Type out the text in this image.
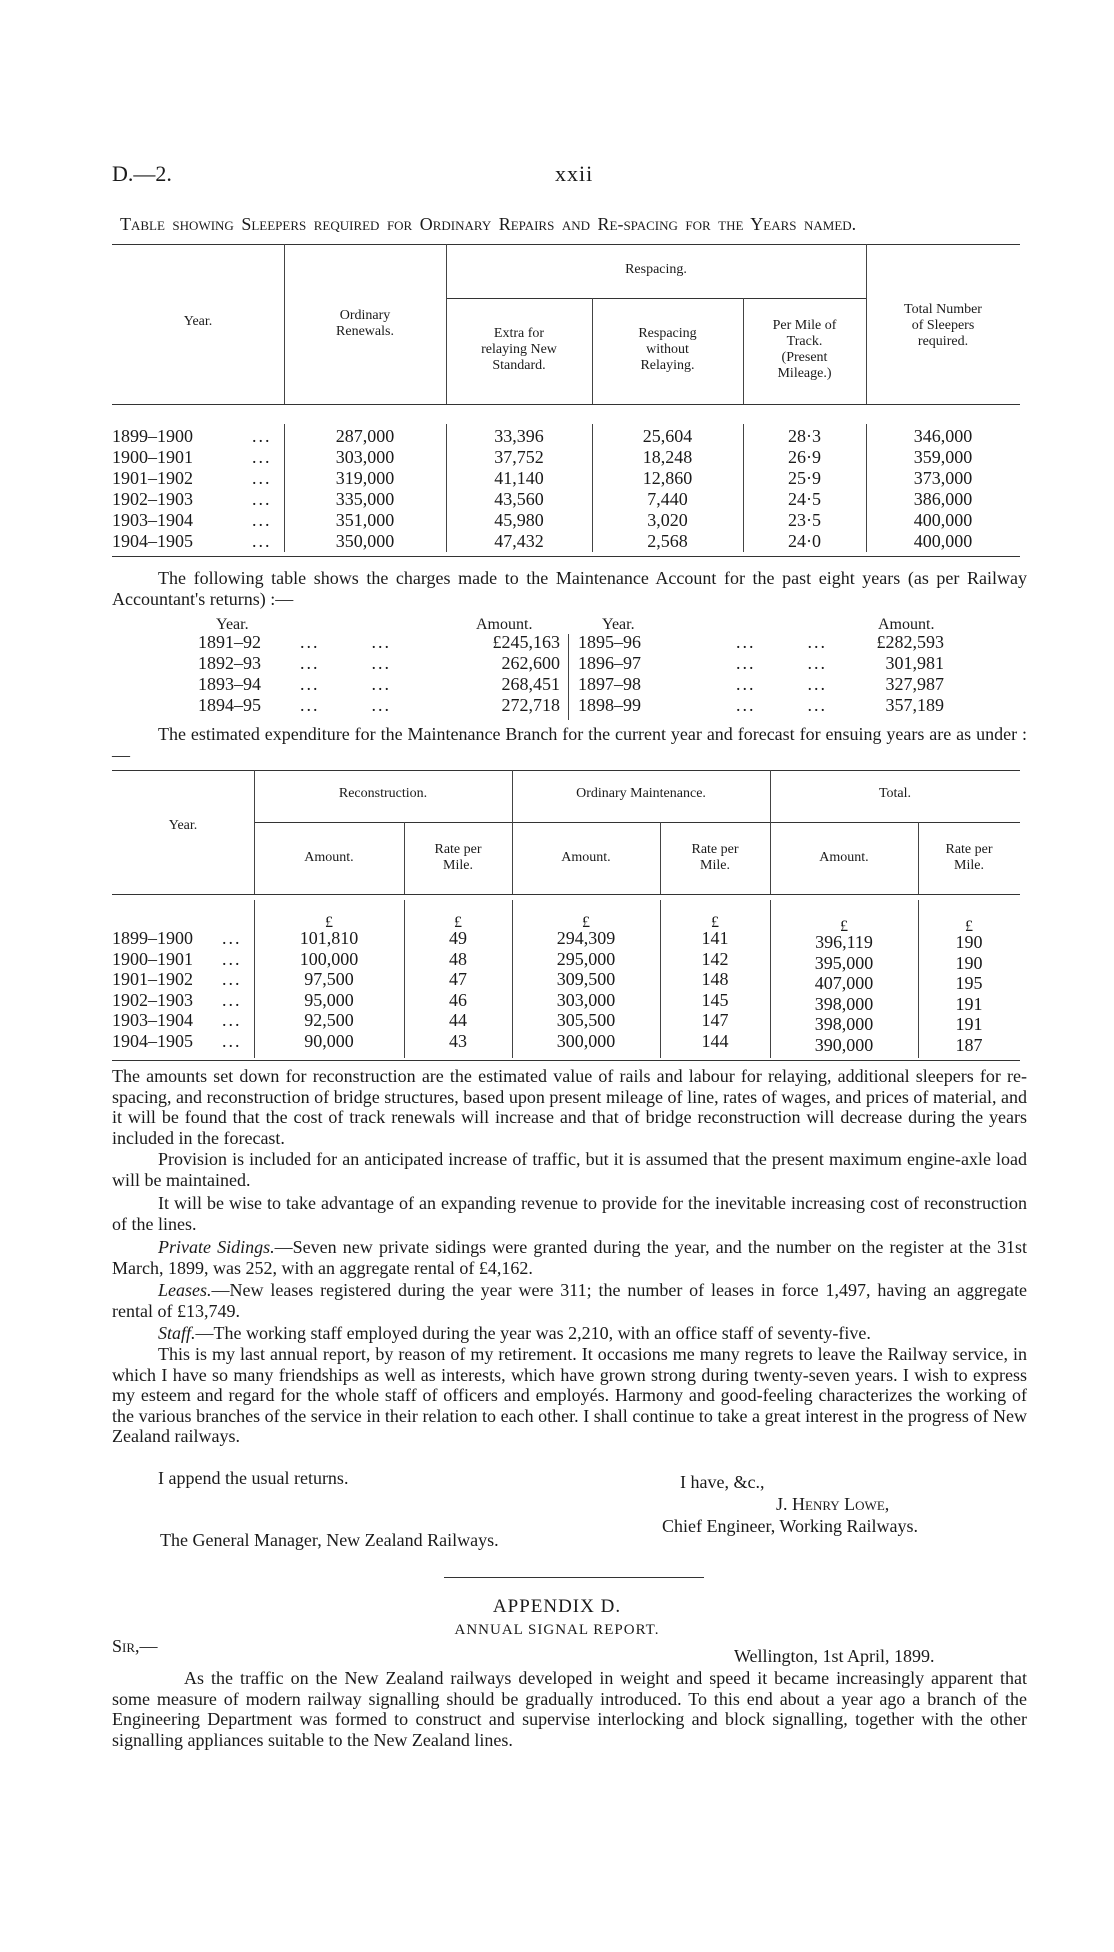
D.—2.	xxii
Table showing Sleepers required for Ordinary Repairs and Re-spacing for the Years named.
Year.	Ordinary
Renewals.
Respacing.
Extra for
relaying New
Standard.
Respacing
without
Relaying.
Per Mile of
Track.
(Present
Mileage.)
Total Number
of Sleepers
required.
1899–1900	...	287,000	33,396	25,604	28·3	346,000
1900–1901	...	303,000	37,752	18,248	26·9	359,000
1901–1902	...	319,000	41,140	12,860	25·9	373,000
1902–1903	...	335,000	43,560	7,440	24·5	386,000
1903–1904	...	351,000	45,980	3,020	23·5	400,000
1904–1905	...	350,000	47,432	2,568	24·0	400,000
The following table shows the charges made to the Maintenance Account for the past eight years (as per Railway Accountant's returns) :—
Year.	Amount.	Year.	Amount.
1891–92 ...        ...	£245,163
1892–93 ...        ...	262,600
1893–94 ...        ...	268,451
1894–95 ...        ...	272,718
1895–96	...        ...	£282,593
1896–97	...        ...	301,981
1897–98	...        ...	327,987
1898–99	...        ...	357,189
The estimated expenditure for the Maintenance Branch for the current year and forecast for ensuing years are as under :—
Year.
Reconstruction.	Ordinary Maintenance.	Total.
Amount.
Rate per
Mile.
Amount.
Rate per
Mile.
Amount.
Rate per
Mile.
£	£	£	£	£	£
1899–1900 ...	101,810	49	294,309	141	396,119	190
1900–1901 ...	100,000	48	295,000	142	395,000	190
1901–1902 ...	97,500	47	309,500	148	407,000	195
1902–1903 ...	95,000	46	303,000	145	398,000	191
1903–1904 ...	92,500	44	305,500	147	398,000	191
1904–1905 ...	90,000	43	300,000	144	390,000	187
The amounts set down for reconstruction are the estimated value of rails and labour for relaying, additional sleepers for re-spacing, and reconstruction of bridge structures, based upon present mileage of line, rates of wages, and prices of material, and it will be found that the cost of track renewals will increase and that of bridge reconstruction will decrease during the years included in the forecast.
Provision is included for an anticipated increase of traffic, but it is assumed that the present maximum engine-axle load will be maintained.
It will be wise to take advantage of an expanding revenue to provide for the inevitable increasing cost of reconstruction of the lines.
Private Sidings.—Seven new private sidings were granted during the year, and the number on the register at the 31st March, 1899, was 252, with an aggregate rental of £4,162.
Leases.—New leases registered during the year were 311; the number of leases in force 1,497, having an aggregate rental of £13,749.
Staff.—The working staff employed during the year was 2,210, with an office staff of seventy-five.
This is my last annual report, by reason of my retirement. It occasions me many regrets to leave the Railway service, in which I have so many friendships as well as interests, which have grown strong during twenty-seven years. I wish to express my esteem and regard for the whole staff of officers and employés. Harmony and good-feeling characterizes the working of the various branches of the service in their relation to each other. I shall continue to take a great interest in the progress of New Zealand railways.
I append the usual returns.	I have, &c.,
J. Henry Lowe,
Chief Engineer, Working Railways.
The General Manager, New Zealand Railways.
APPENDIX D.
ANNUAL SIGNAL REPORT.
Sir,—	Wellington, 1st April, 1899.
As the traffic on the New Zealand railways developed in weight and speed it became increasingly apparent that some measure of modern railway signalling should be gradually introduced. To this end about a year ago a branch of the Engineering Department was formed to construct and supervise interlocking and block signalling, together with the other signalling appliances suitable to the New Zealand lines.
